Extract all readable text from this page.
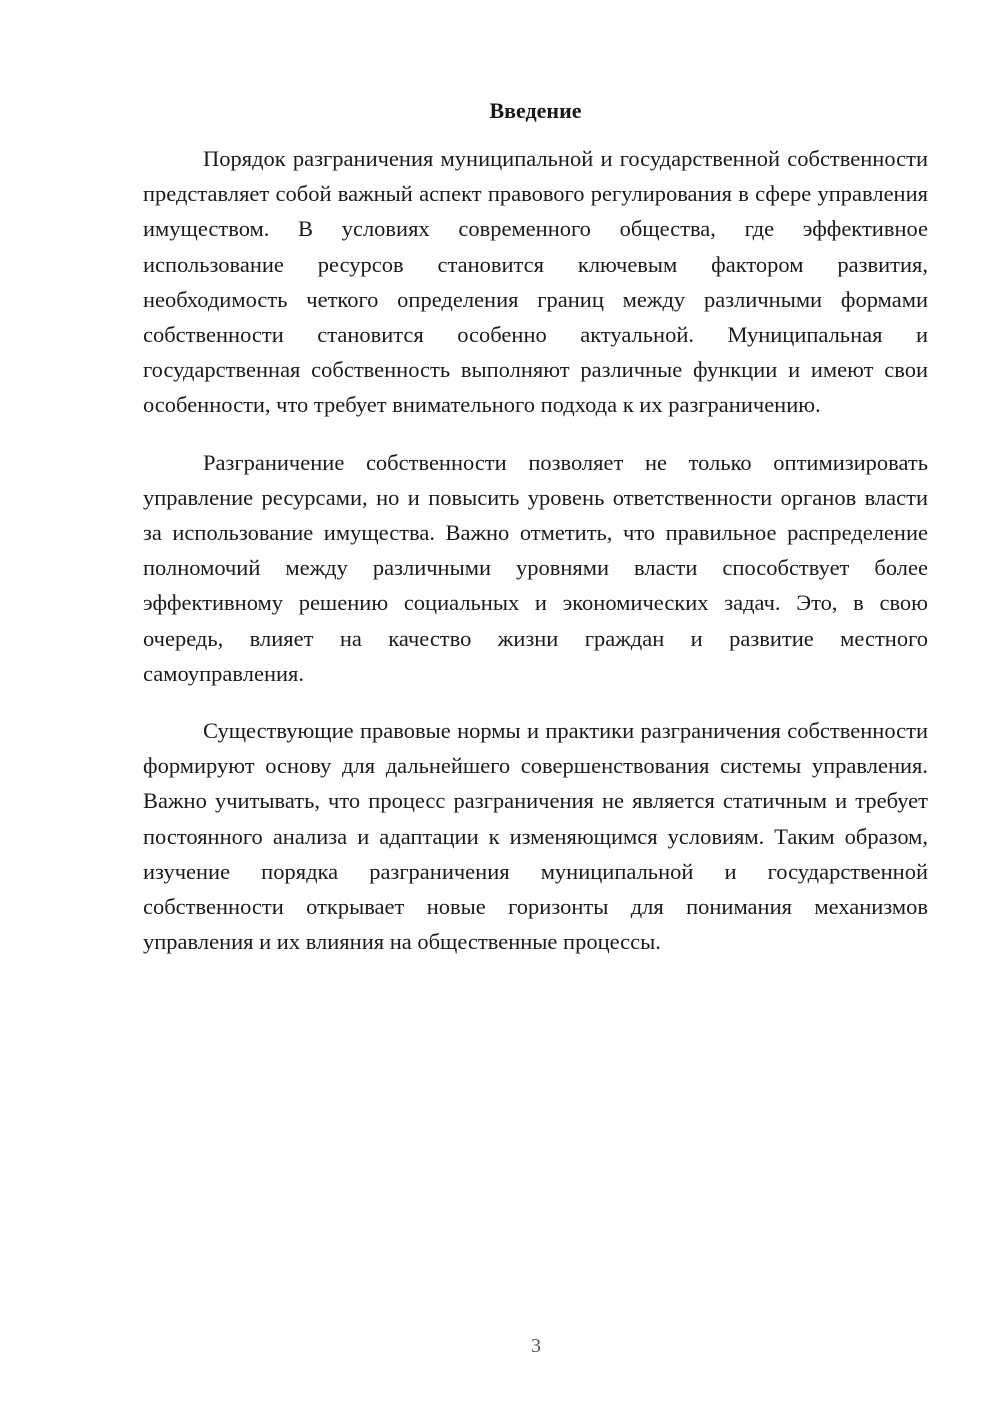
Введение

Порядок разграничения муниципальной и государственной собственности представляет собой важный аспект правового регулирования в сфере управления имуществом. В условиях современного общества, где эффективное использование ресурсов становится ключевым фактором развития, необходимость четкого определения границ между различными формами собственности становится особенно актуальной. Муниципальная и государственная собственность выполняют различные функции и имеют свои особенности, что требует внимательного подхода к их разграничению.

Разграничение собственности позволяет не только оптимизировать управление ресурсами, но и повысить уровень ответственности органов власти за использование имущества. Важно отметить, что правильное распределение полномочий между различными уровнями власти способствует более эффективному решению социальных и экономических задач. Это, в свою очередь, влияет на качество жизни граждан и развитие местного самоуправления.

Существующие правовые нормы и практики разграничения собственности формируют основу для дальнейшего совершенствования системы управления. Важно учитывать, что процесс разграничения не является статичным и требует постоянного анализа и адаптации к изменяющимся условиям. Таким образом, изучение порядка разграничения муниципальной и государственной собственности открывает новые горизонты для понимания механизмов управления и их влияния на общественные процессы.

3
